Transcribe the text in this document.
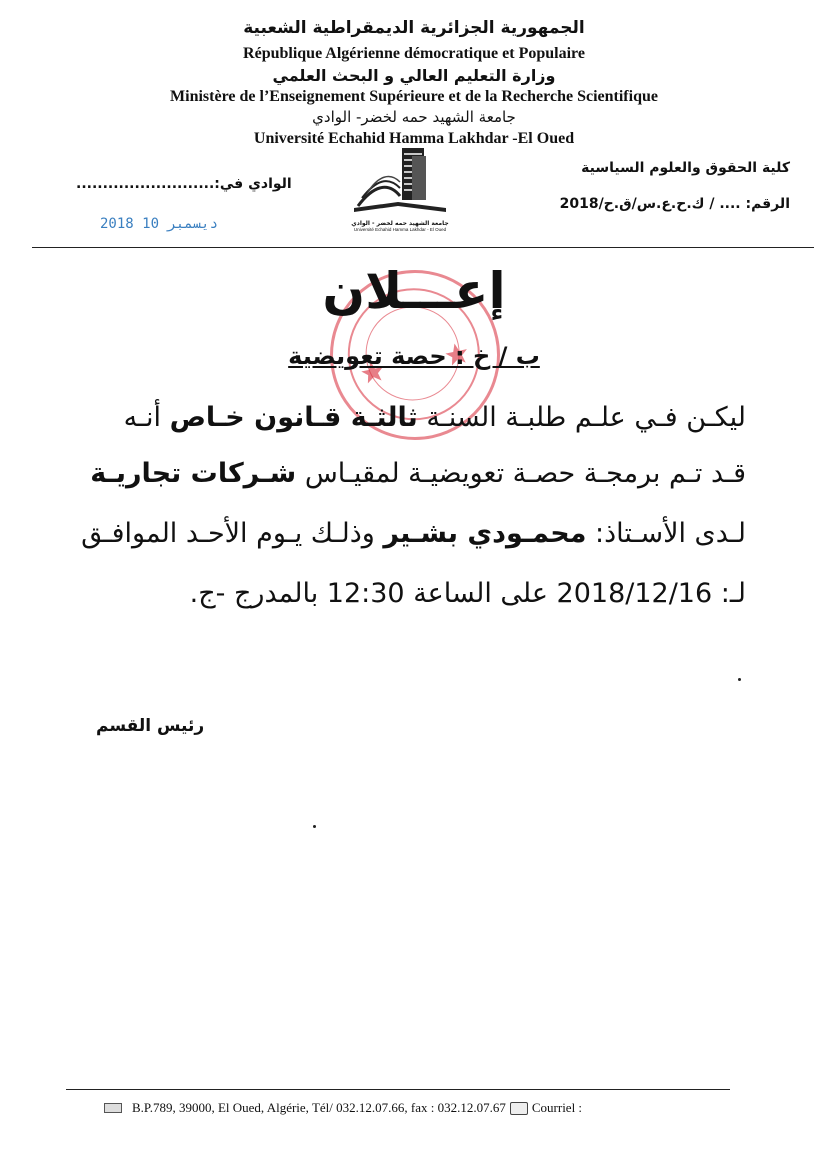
الجمهورية الجزائرية الديمقراطية الشعبية
République Algérienne démocratique et Populaire
وزارة التعليم العالي و البحث العلمي
Ministère de l’Enseignement Supérieure et de la Recherche Scientifique
جامعة الشهيد حمه لخضر- الوادي
Université Echahid Hamma Lakhdar -El Oued
كلية الحقوق والعلوم السياسية
الرقم: .... / ك.ح.ع.س/ق.ح/2018
الوادي في:..........................
2018 ديسمبر 10	جامعة الشهيد حمه لخضر - الوادي
Université Echahid Hamma Lakhdar - El Oued
إعـــلان
ب / خ : حصة تعويضية
ليكـن فـي علـم طلبـة السنـة ثالثـة قـانون خـاص أنـه
قـد تـم برمجـة حصـة تعويضيـة لمقيـاس شـركات تجاريـة
لـدى الأسـتاذ: محمـودي بشـير وذلـك يـوم الأحـد الموافـق
لـ: 2018/12/16 على الساعة 12:30 بالمدرج -ج.
رئيس القسم
B.P.789, 39000, El Oued, Algérie, Tél/ 032.12.07.66, fax : 032.12.07.67 Courriel :
